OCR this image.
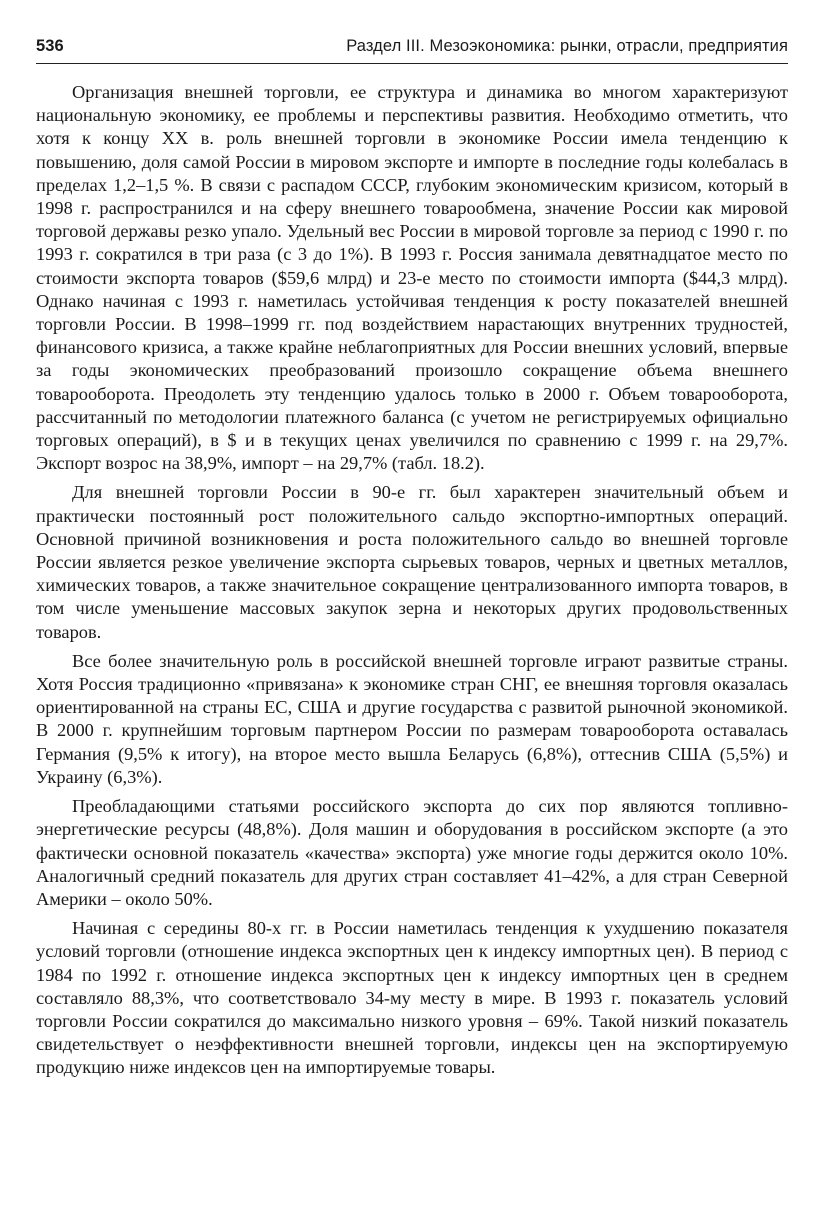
536	Раздел III. Мезоэкономика: рынки, отрасли, предприятия

Организация внешней торговли, ее структура и динамика во многом характеризуют национальную экономику, ее проблемы и перспективы развития. Необходимо отметить, что хотя к концу XX в. роль внешней торговли в экономике России имела тенденцию к повышению, доля самой России в мировом экспорте и импорте в последние годы колебалась в пределах 1,2–1,5 %. В связи с распадом СССР, глубоким экономическим кризисом, который в 1998 г. распространился и на сферу внешнего товарообмена, значение России как мировой торговой державы резко упало. Удельный вес России в мировой торговле за период с 1990 г. по 1993 г. сократился в три раза (с 3 до 1%). В 1993 г. Россия занимала девятнадцатое место по стоимости экспорта товаров ($59,6 млрд) и 23-е место по стоимости импорта ($44,3 млрд). Однако начиная с 1993 г. наметилась устойчивая тенденция к росту показателей внешней торговли России. В 1998–1999 гг. под воздействием нарастающих внутренних трудностей, финансового кризиса, а также крайне неблагоприятных для России внешних условий, впервые за годы экономических преобразований произошло сокращение объема внешнего товарооборота. Преодолеть эту тенденцию удалось только в 2000 г. Объем товарооборота, рассчитанный по методологии платежного баланса (с учетом не регистрируемых официально торговых операций), в $ и в текущих ценах увеличился по сравнению с 1999 г. на 29,7%. Экспорт возрос на 38,9%, импорт – на 29,7% (табл. 18.2).

Для внешней торговли России в 90-е гг. был характерен значительный объем и практически постоянный рост положительного сальдо экспортно-импортных операций. Основной причиной возникновения и роста положительного сальдо во внешней торговле России является резкое увеличение экспорта сырьевых товаров, черных и цветных металлов, химических товаров, а также значительное сокращение централизованного импорта товаров, в том числе уменьшение массовых закупок зерна и некоторых других продовольственных товаров.

Все более значительную роль в российской внешней торговле играют развитые страны. Хотя Россия традиционно «привязана» к экономике стран СНГ, ее внешняя торговля оказалась ориентированной на страны ЕС, США и другие государства с развитой рыночной экономикой. В 2000 г. крупнейшим торговым партнером России по размерам товарооборота оставалась Германия (9,5% к итогу), на второе место вышла Беларусь (6,8%), оттеснив США (5,5%) и Украину (6,3%).

Преобладающими статьями российского экспорта до сих пор являются топливно-энергетические ресурсы (48,8%). Доля машин и оборудования в российском экспорте (а это фактически основной показатель «качества» экспорта) уже многие годы держится около 10%. Аналогичный средний показатель для других стран составляет 41–42%, а для стран Северной Америки – около 50%.

Начиная с середины 80-х гг. в России наметилась тенденция к ухудшению показателя условий торговли (отношение индекса экспортных цен к индексу импортных цен). В период с 1984 по 1992 г. отношение индекса экспортных цен к индексу импортных цен в среднем составляло 88,3%, что соответствовало 34-му месту в мире. В 1993 г. показатель условий торговли России сократился до максимально низкого уровня – 69%. Такой низкий показатель свидетельствует о неэффективности внешней торговли, индексы цен на экспортируемую продукцию ниже индексов цен на импортируемые товары.
